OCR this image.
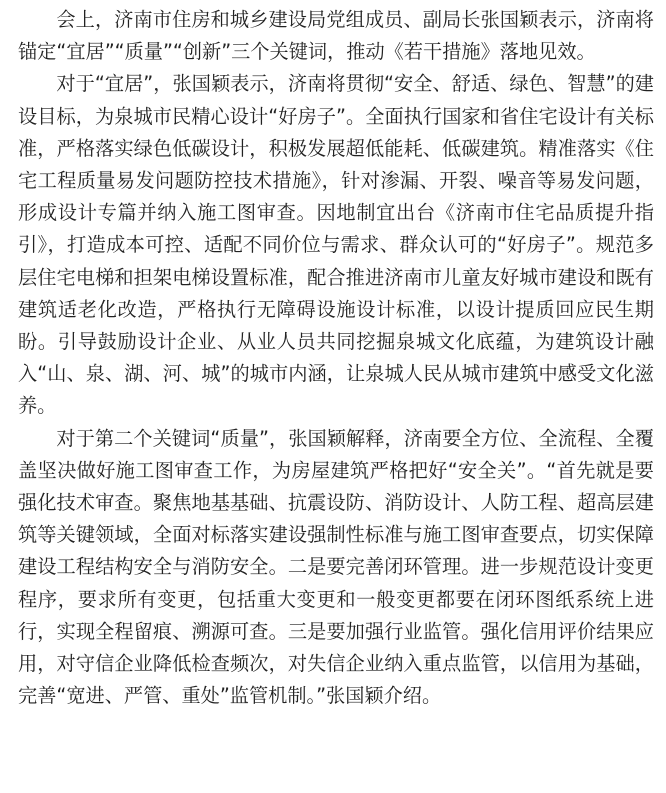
会上，济南市住房和城乡建设局党组成员、副局长张国颖表示，济南将锚定“宜居”“质量”“创新”三个关键词，推动《若干措施》落地见效。

对于“宜居”，张国颖表示，济南将贯彻“安全、舒适、绿色、智慧”的建设目标，为泉城市民精心设计“好房子”。全面执行国家和省住宅设计有关标准，严格落实绿色低碳设计，积极发展超低能耗、低碳建筑。精准落实《住宅工程质量易发问题防控技术措施》，针对渗漏、开裂、噪音等易发问题，形成设计专篇并纳入施工图审查。因地制宜出台《济南市住宅品质提升指引》，打造成本可控、适配不同价位与需求、群众认可的“好房子”。规范多层住宅电梯和担架电梯设置标准，配合推进济南市儿童友好城市建设和既有建筑适老化改造，严格执行无障碍设施设计标准，以设计提质回应民生期盼。引导鼓励设计企业、从业人员共同挖掘泉城文化底蕴，为建筑设计融入“山、泉、湖、河、城”的城市内涵，让泉城人民从城市建筑中感受文化滋养。

对于第二个关键词“质量”，张国颖解释，济南要全方位、全流程、全覆盖坚决做好施工图审查工作，为房屋建筑严格把好“安全关”。“首先就是要强化技术审查。聚焦地基基础、抗震设防、消防设计、人防工程、超高层建筑等关键领域，全面对标落实建设强制性标准与施工图审查要点，切实保障建设工程结构安全与消防安全。二是要完善闭环管理。进一步规范设计变更程序，要求所有变更，包括重大变更和一般变更都要在闭环图纸系统上进行，实现全程留痕、溯源可查。三是要加强行业监管。强化信用评价结果应用，对守信企业降低检查频次，对失信企业纳入重点监管，以信用为基础，完善“宽进、严管、重处”监管机制。”张国颖介绍。
